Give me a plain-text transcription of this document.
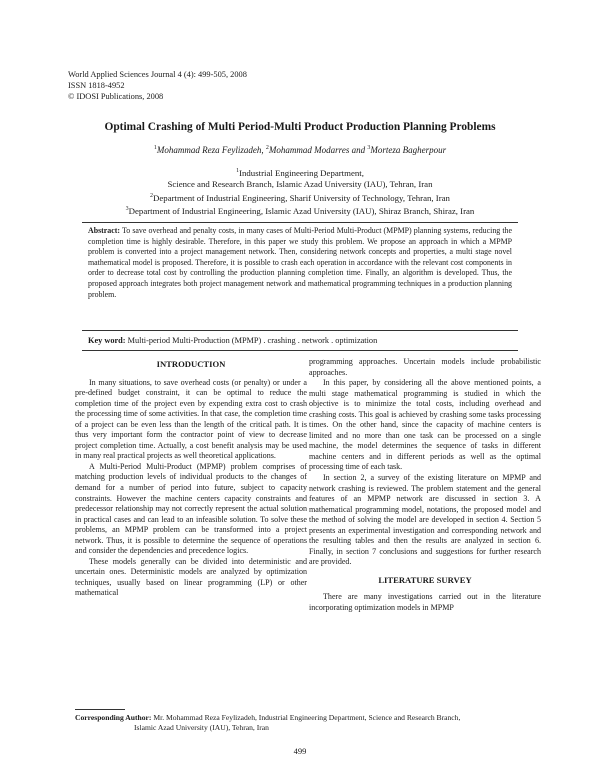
World Applied Sciences Journal 4 (4): 499-505, 2008
ISSN 1818-4952
© IDOSI Publications, 2008
Optimal Crashing of Multi Period-Multi Product Production Planning Problems
$^1$Mohammad Reza Feylizadeh, $^2$Mohammad Modarres and $^3$Morteza Bagherpour
$^1$Industrial Engineering Department,
Science and Research Branch, Islamic Azad University (IAU), Tehran, Iran
$^2$Department of Industrial Engineering, Sharif University of Technology, Tehran, Iran
$^3$Department of Industrial Engineering, Islamic Azad University (IAU), Shiraz Branch, Shiraz, Iran
Abstract: To save overhead and penalty costs, in many cases of Multi-Period Multi-Product (MPMP) planning systems, reducing the completion time is highly desirable. Therefore, in this paper we study this problem. We propose an approach in which a MPMP problem is converted into a project management network. Then, considering network concepts and properties, a multi stage novel mathematical model is proposed. Therefore, it is possible to crash each operation in accordance with the relevant cost components in order to decrease total cost by controlling the production planning completion time. Finally, an algorithm is developed. Thus, the proposed approach integrates both project management network and mathematical programming techniques in a production planning problem.
Key word: Multi-period Multi-Production (MPMP) . crashing . network . optimization

INTRODUCTION

In many situations, to save overhead costs (or penalty) or under a pre-defined budget constraint, it can be optimal to reduce the completion time of the project even by expending extra cost to crash the processing time of some activities. In that case, the completion time of a project can be even less than the length of the critical path. It is thus very important form the contractor point of view to decrease project completion time. Actually, a cost benefit analysis may be used in many real practical projects as well theoretical applications.

A Multi-Period Multi-Product (MPMP) problem comprises of matching production levels of individual products to the changes of demand for a number of period into future, subject to capacity constraints. However the machine centers capacity constraints and predecessor relationship may not correctly represent the actual solution in practical cases and can lead to an infeasible solution. To solve these problems, an MPMP problem can be transformed into a project network. Thus, it is possible to determine the sequence of operations and consider the dependencies and precedence logics.

These models generally can be divided into deterministic and uncertain ones. Deterministic models are analyzed by optimization techniques, usually based on linear programming (LP) or other mathematical

programming approaches. Uncertain models include probabilistic approaches.

In this paper, by considering all the above mentioned points, a multi stage mathematical programming is studied in which the objective is to minimize the total costs, including overhead and crashing costs. This goal is achieved by crashing some tasks processing times. On the other hand, since the capacity of machine centers is limited and no more than one task can be processed on a single machine, the model determines the sequence of tasks in different machine centers and in different periods as well as the optimal processing time of each task.

In section 2, a survey of the existing literature on MPMP and network crashing is reviewed. The problem statement and the general features of an MPMP network are discussed in section 3. A mathematical programming model, notations, the proposed model and the method of solving the model are developed in section 4. Section 5 presents an experimental investigation and corresponding network and the resulting tables and then the results are analyzed in section 6. Finally, in section 7 conclusions and suggestions for further research are provided.

LITERATURE SURVEY

There are many investigations carried out in the literature incorporating optimization models in MPMP

Corresponding Author: Mr. Mohammad Reza Feylizadeh, Industrial Engineering Department, Science and Research Branch,
Islamic Azad University (IAU), Tehran, Iran
499
